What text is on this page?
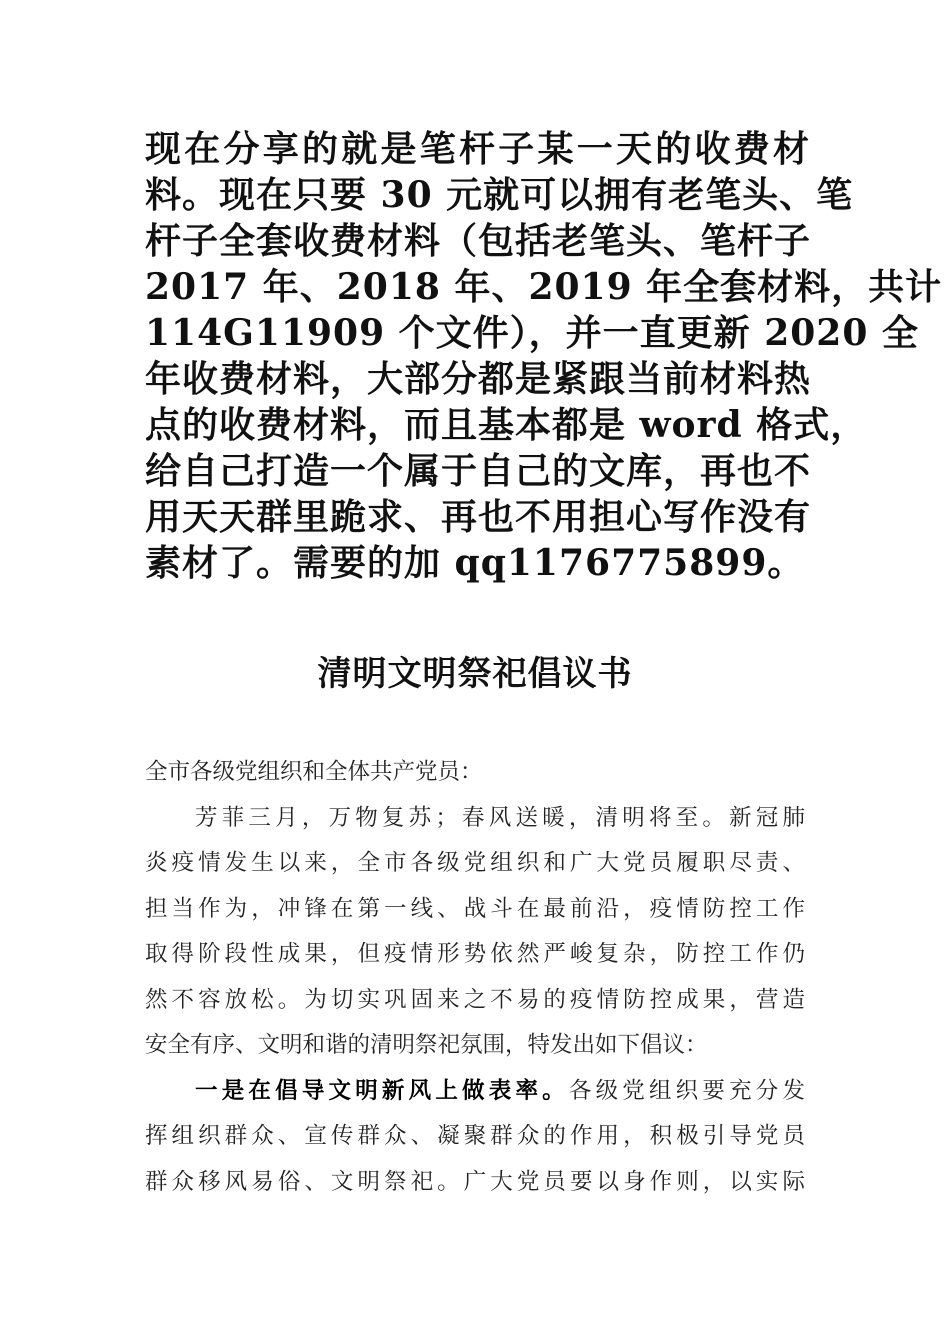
现在分享的就是笔杆子某一天的收费材
料。现在只要 30 元就可以拥有老笔头、笔
杆子全套收费材料（包括老笔头、笔杆子
2017 年、2018 年、2019 年全套材料，共计
114G11909 个文件），并一直更新 2020 全
年收费材料，大部分都是紧跟当前材料热
点的收费材料，而且基本都是 word 格式，
给自己打造一个属于自己的文库，再也不
用天天群里跪求、再也不用担心写作没有
素材了。需要的加 qq1176775899。
清明文明祭祀倡议书
全市各级党组织和全体共产党员：
芳菲三月，万物复苏；春风送暖，清明将至。新冠肺
炎疫情发生以来，全市各级党组织和广大党员履职尽责、
担当作为，冲锋在第一线、战斗在最前沿，疫情防控工作
取得阶段性成果，但疫情形势依然严峻复杂，防控工作仍
然不容放松。为切实巩固来之不易的疫情防控成果，营造
安全有序、文明和谐的清明祭祀氛围，特发出如下倡议：
一是在倡导文明新风上做表率。各级党组织要充分发
挥组织群众、宣传群众、凝聚群众的作用，积极引导党员
群众移风易俗、文明祭祀。广大党员要以身作则，以实际
